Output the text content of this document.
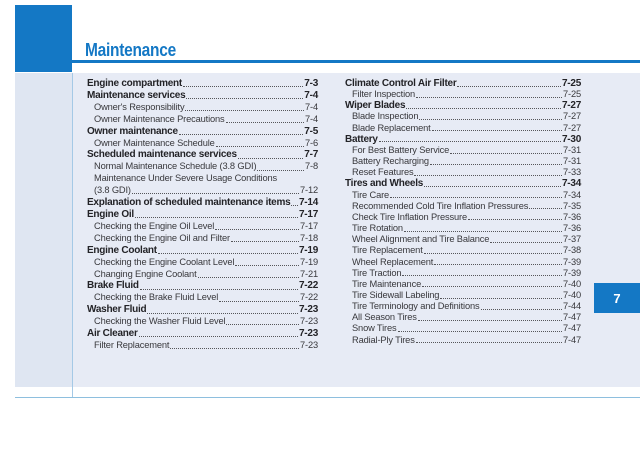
Maintenance
Engine compartment	7-3
Maintenance services	7-4
Owner's Responsibility	7-4
Owner Maintenance Precautions	7-4
Owner maintenance	7-5
Owner Maintenance Schedule	7-6
Scheduled maintenance services	7-7
Normal Maintenance Schedule (3.8 GDI)	7-8
Maintenance Under Severe Usage Conditions
(3.8 GDI)	7-12
Explanation of scheduled maintenance items 7-14
Engine Oil	7-17
Checking the Engine Oil Level	7-17
Checking the Engine Oil and Filter	7-18
Engine Coolant	7-19
Checking the Engine Coolant Level	7-19
Changing Engine Coolant	7-21
Brake Fluid	7-22
Checking the Brake Fluid Level	7-22
Washer Fluid	7-23
Checking the Washer Fluid Level	7-23
Air Cleaner	7-23
Filter Replacement	7-23
Climate Control Air Filter	7-25
Filter Inspection	7-25
Wiper Blades	7-27
Blade Inspection	7-27
Blade Replacement	7-27
Battery	7-30
For Best Battery Service	7-31
Battery Recharging	7-31
Reset Features	7-33
Tires and Wheels	7-34
Tire Care	7-34
Recommended Cold Tire Inflation Pressures	7-35
Check Tire Inflation Pressure	7-36
Tire Rotation	7-36
Wheel Alignment and Tire Balance	7-37
Tire Replacement	7-38
Wheel Replacement	7-39
Tire Traction	7-39
Tire Maintenance	7-40
Tire Sidewall Labeling	7-40
Tire Terminology and Definitions	7-44
All Season Tires	7-47
Snow Tires	7-47
Radial-Ply Tires	7-47
7
